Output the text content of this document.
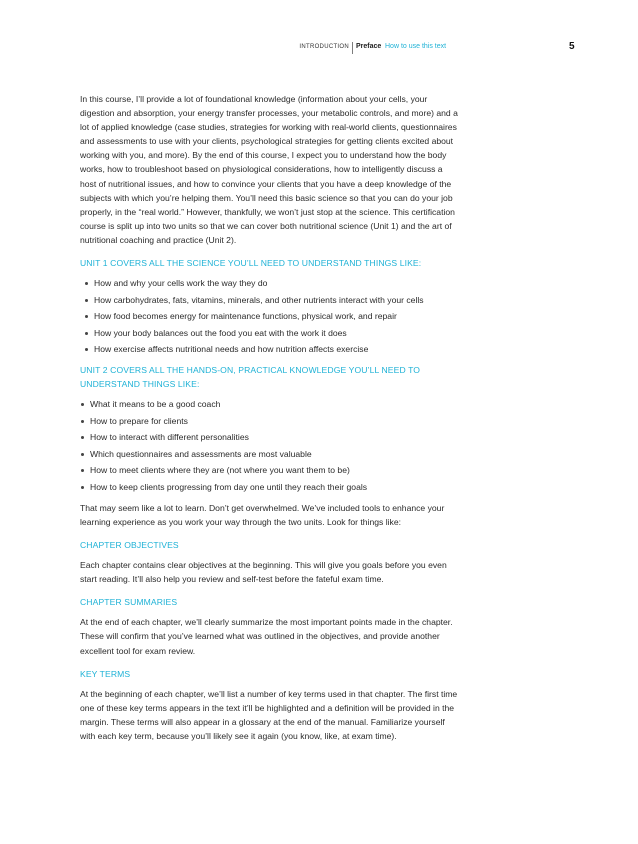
INTRODUCTION Preface How to use this text	5

In this course, I’ll provide a lot of foundational knowledge (information about your cells, your digestion and absorption, your energy transfer processes, your metabolic controls, and more) and a lot of applied knowledge (case studies, strategies for working with real-world clients, questionnaires and assessments to use with your clients, psychological strategies for getting clients excited about working with you, and more). By the end of this course, I expect you to understand how the body works, how to troubleshoot based on physiological considerations, how to intelligently discuss a host of nutritional issues, and how to convince your clients that you have a deep knowledge of the subjects with which you’re helping them. You’ll need this basic science so that you can do your job properly, in the “real world.” However, thankfully, we won’t just stop at the science. This certification course is split up into two units so that we can cover both nutritional science (Unit 1) and the art of nutritional coaching and practice (Unit 2).

UNIT 1 COVERS ALL THE SCIENCE YOU’LL NEED TO UNDERSTAND THINGS LIKE:
How and why your cells work the way they do
How carbohydrates, fats, vitamins, minerals, and other nutrients interact with your cells
How food becomes energy for maintenance functions, physical work, and repair
How your body balances out the food you eat with the work it does
How exercise affects nutritional needs and how nutrition affects exercise
UNIT 2 COVERS ALL THE HANDS-ON, PRACTICAL KNOWLEDGE YOU’LL NEED TO UNDERSTAND THINGS LIKE:
What it means to be a good coach
How to prepare for clients
How to interact with different personalities
Which questionnaires and assessments are most valuable
How to meet clients where they are (not where you want them to be)
How to keep clients progressing from day one until they reach their goals

That may seem like a lot to learn. Don’t get overwhelmed. We’ve included tools to enhance your learning experience as you work your way through the two units. Look for things like:

CHAPTER OBJECTIVES

Each chapter contains clear objectives at the beginning. This will give you goals before you even start reading. It’ll also help you review and self-test before the fateful exam time.

CHAPTER SUMMARIES

At the end of each chapter, we’ll clearly summarize the most important points made in the chapter. These will confirm that you’ve learned what was outlined in the objectives, and provide another excellent tool for exam review.

KEY TERMS

At the beginning of each chapter, we’ll list a number of key terms used in that chapter. The first time one of these key terms appears in the text it’ll be highlighted and a definition will be provided in the margin. These terms will also appear in a glossary at the end of the manual. Familiarize yourself with each key term, because you’ll likely see it again (you know, like, at exam time).
